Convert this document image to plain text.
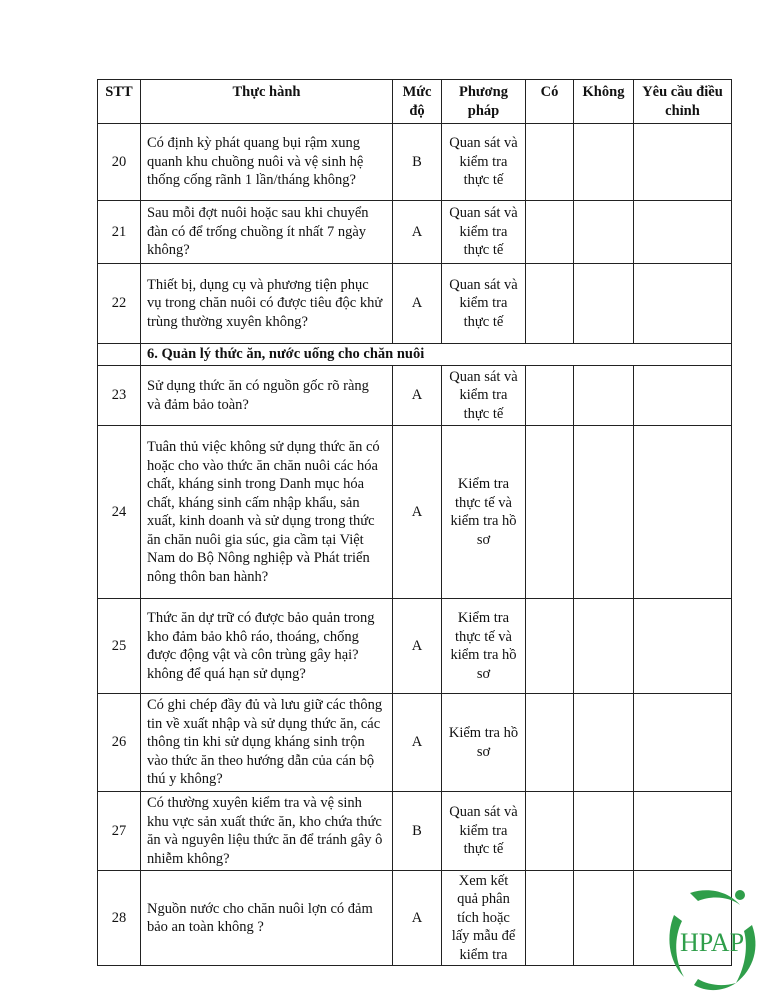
STT	Thực hành	Mức độ	Phương pháp	Có	Không	Yêu cầu điều chỉnh
20	Có định kỳ phát quang bụi rậm xung quanh khu chuồng nuôi và vệ sinh hệ thống cống rãnh 1 lần/tháng không?	B	Quan sát và kiểm tra thực tế			
21	Sau mỗi đợt nuôi hoặc sau khi chuyển đàn có để trống chuồng ít nhất 7 ngày không?	A	Quan sát và kiểm tra thực tế			
22	Thiết bị, dụng cụ và phương tiện phục vụ trong chăn nuôi có được tiêu độc khử trùng thường xuyên không?	A	Quan sát và kiểm tra thực tế			
	6. Quản lý thức ăn, nước uống cho chăn nuôi					
23	Sử dụng thức ăn có nguồn gốc rõ ràng và đảm bảo toàn?	A	Quan sát và kiểm tra thực tế			
24	Tuân thủ việc không sử dụng thức ăn có hoặc cho vào thức ăn chăn nuôi các hóa chất, kháng sinh trong Danh mục hóa chất, kháng sinh cấm nhập khẩu, sản xuất, kinh doanh và sử dụng trong thức ăn chăn nuôi gia súc, gia cầm tại Việt Nam do Bộ Nông nghiệp và Phát triển nông thôn ban hành?	A	Kiểm tra thực tế và kiểm tra hồ sơ			
25	Thức ăn dự trữ có được bảo quản trong kho đảm bảo khô ráo, thoáng, chống được động vật và côn trùng gây hại? không để quá hạn sử dụng?	A	Kiểm tra thực tế và kiểm tra hồ sơ			
26	Có ghi chép đầy đủ và lưu giữ các thông tin về xuất nhập và sử dụng thức ăn, các thông tin khi sử dụng kháng sinh trộn vào thức ăn theo hướng dẫn của cán bộ thú y không?	A	Kiểm tra hồ sơ			
27	Có thường xuyên kiểm tra và vệ sinh khu vực sản xuất thức ăn, kho chứa thức ăn và nguyên liệu thức ăn để tránh gây ô nhiễm không?	B	Quan sát và kiểm tra thực tế			
28	Nguồn nước cho chăn nuôi lợn có đảm bảo an toàn không ?	A	Xem kết quả phân tích hoặc lấy mẫu để kiểm tra				HPAP
